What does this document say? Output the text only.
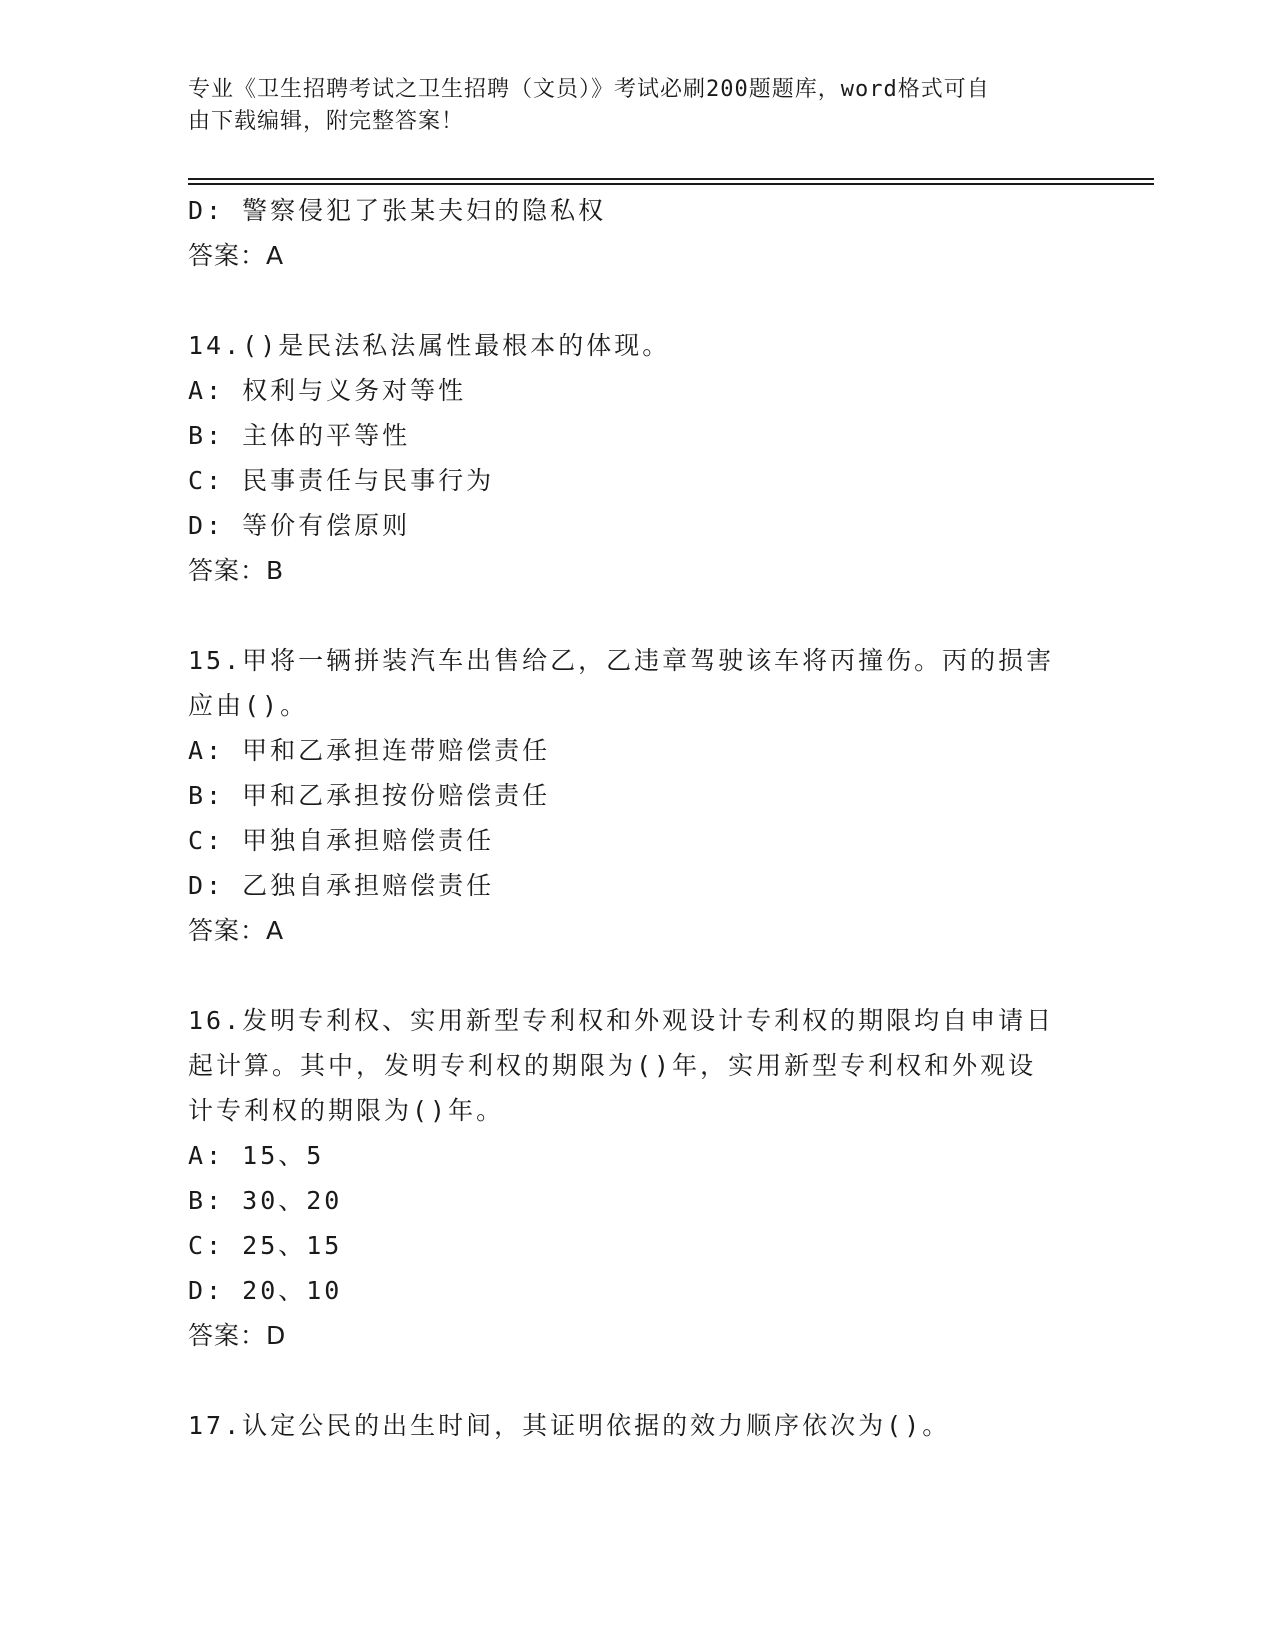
专业《卫生招聘考试之卫生招聘（文员）》考试必刷200题题库，word格式可自
由下载编辑，附完整答案！
D: 警察侵犯了张某夫妇的隐私权
答案：A
14.()是民法私法属性最根本的体现。
A: 权利与义务对等性
B: 主体的平等性
C: 民事责任与民事行为
D: 等价有偿原则
答案：B
15.甲将一辆拼装汽车出售给乙，乙违章驾驶该车将丙撞伤。丙的损害
应由()。
A: 甲和乙承担连带赔偿责任
B: 甲和乙承担按份赔偿责任
C: 甲独自承担赔偿责任
D: 乙独自承担赔偿责任
答案：A
16.发明专利权、实用新型专利权和外观设计专利权的期限均自申请日
起计算。其中，发明专利权的期限为()年，实用新型专利权和外观设
计专利权的期限为()年。
A: 15、5
B: 30、20
C: 25、15
D: 20、10
答案：D
17.认定公民的出生时间，其证明依据的效力顺序依次为()。
